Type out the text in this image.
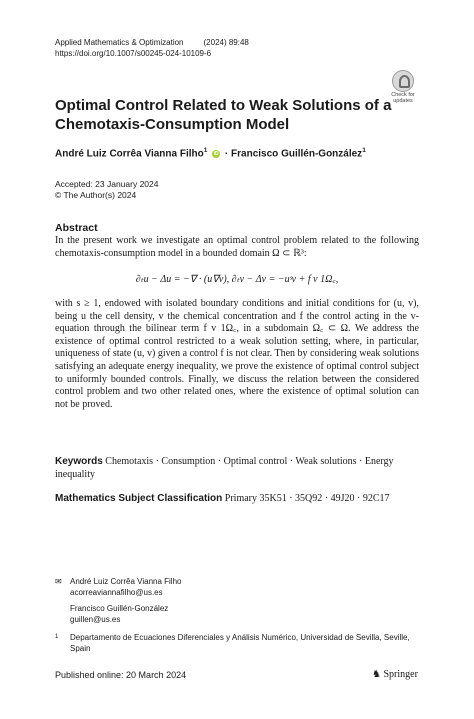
Applied Mathematics & Optimization	(2024) 89:48
https://doi.org/10.1007/s00245-024-10109-6
Check for
updates
Optimal Control Related to Weak Solutions of a Chemotaxis-Consumption Model
André Luiz Corrêa Vianna Filho$^1$ iD · Francisco Guillén-González$^1$
Accepted: 23 January 2024
© The Author(s) 2024
Abstract
In the present work we investigate an optimal control problem related to the following chemotaxis-consumption model in a bounded domain Ω ⊂ ℝ³:
∂ₜu − Δu = −∇ · (u∇v), ∂ₜv − Δv = −uˢv + f v 1Ω꜀,
with s ≥ 1, endowed with isolated boundary conditions and initial conditions for (u, v), being u the cell density, v the chemical concentration and f the control acting in the v-equation through the bilinear term f v 1Ω꜀, in a subdomain Ω꜀ ⊂ Ω. We address the existence of optimal control restricted to a weak solution setting, where, in particular, uniqueness of state (u, v) given a control f is not clear. Then by considering weak solutions satisfying an adequate energy inequality, we prove the existence of optimal control subject to uniformly bounded controls. Finally, we discuss the relation between the considered control problem and two other related ones, where the existence of optimal solution can not be proved.
Keywords Chemotaxis · Consumption · Optimal control · Weak solutions · Energy inequality
Mathematics Subject Classification Primary 35K51 · 35Q92 · 49J20 · 92C17
✉ André Luiz Corrêa Vianna Filho
acorreaviannafilho@us.es
Francisco Guillén-González
guillen@us.es
1 Departamento de Ecuaciones Diferenciales y Análisis Numérico, Universidad de Sevilla, Seville, Spain
Published online: 20 March 2024	♞ Springer
